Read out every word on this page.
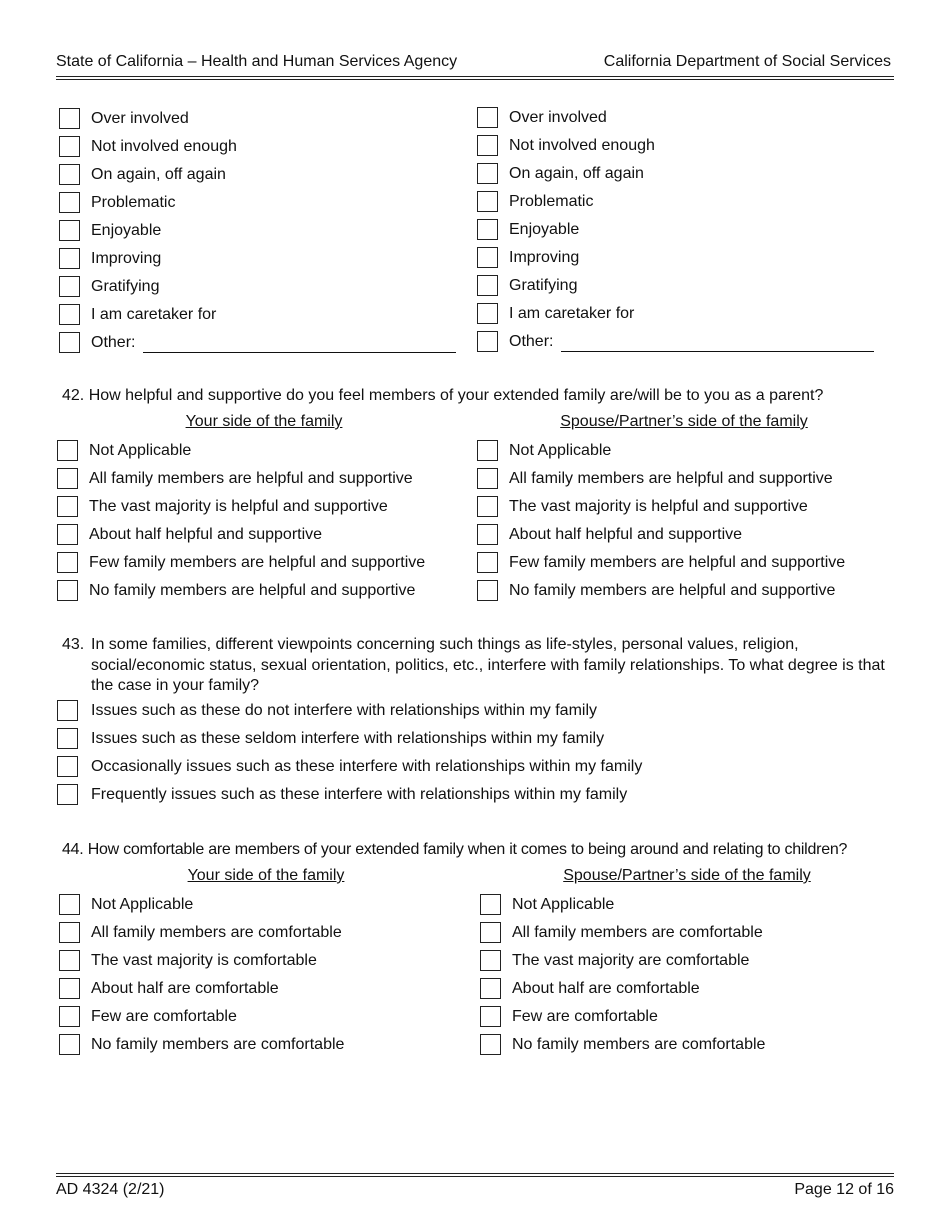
State of California – Health and Human Services Agency	California Department of Social Services
Over involved
Not involved enough
On again, off again
Problematic
Enjoyable
Improving
Gratifying
I am caretaker for
Other:
Over involved
Not involved enough
On again, off again
Problematic
Enjoyable
Improving
Gratifying
I am caretaker for
Other:
42. How helpful and supportive do you feel members of your extended family are/will be to you as a parent?
Your side of the family	Spouse/Partner’s side of the family
Not Applicable
All family members are helpful and supportive
The vast majority is helpful and supportive
About half helpful and supportive
Few family members are helpful and supportive
No family members are helpful and supportive
Not Applicable
All family members are helpful and supportive
The vast majority is helpful and supportive
About half helpful and supportive
Few family members are helpful and supportive
No family members are helpful and supportive
43. In some families, different viewpoints concerning such things as life-styles, personal values, religion, social/economic status, sexual orientation, politics, etc., interfere with family relationships. To what degree is that the case in your family?
Issues such as these do not interfere with relationships within my family
Issues such as these seldom interfere with relationships within my family
Occasionally issues such as these interfere with relationships within my family
Frequently issues such as these interfere with relationships within my family
44. How comfortable are members of your extended family when it comes to being around and relating to children?
Your side of the family	Spouse/Partner’s side of the family
Not Applicable
All family members are comfortable
The vast majority is comfortable
About half are comfortable
Few are comfortable
No family members are comfortable
Not Applicable
All family members are comfortable
The vast majority are comfortable
About half are comfortable
Few are comfortable
No family members are comfortable
AD 4324 (2/21)	Page 12 of 16
